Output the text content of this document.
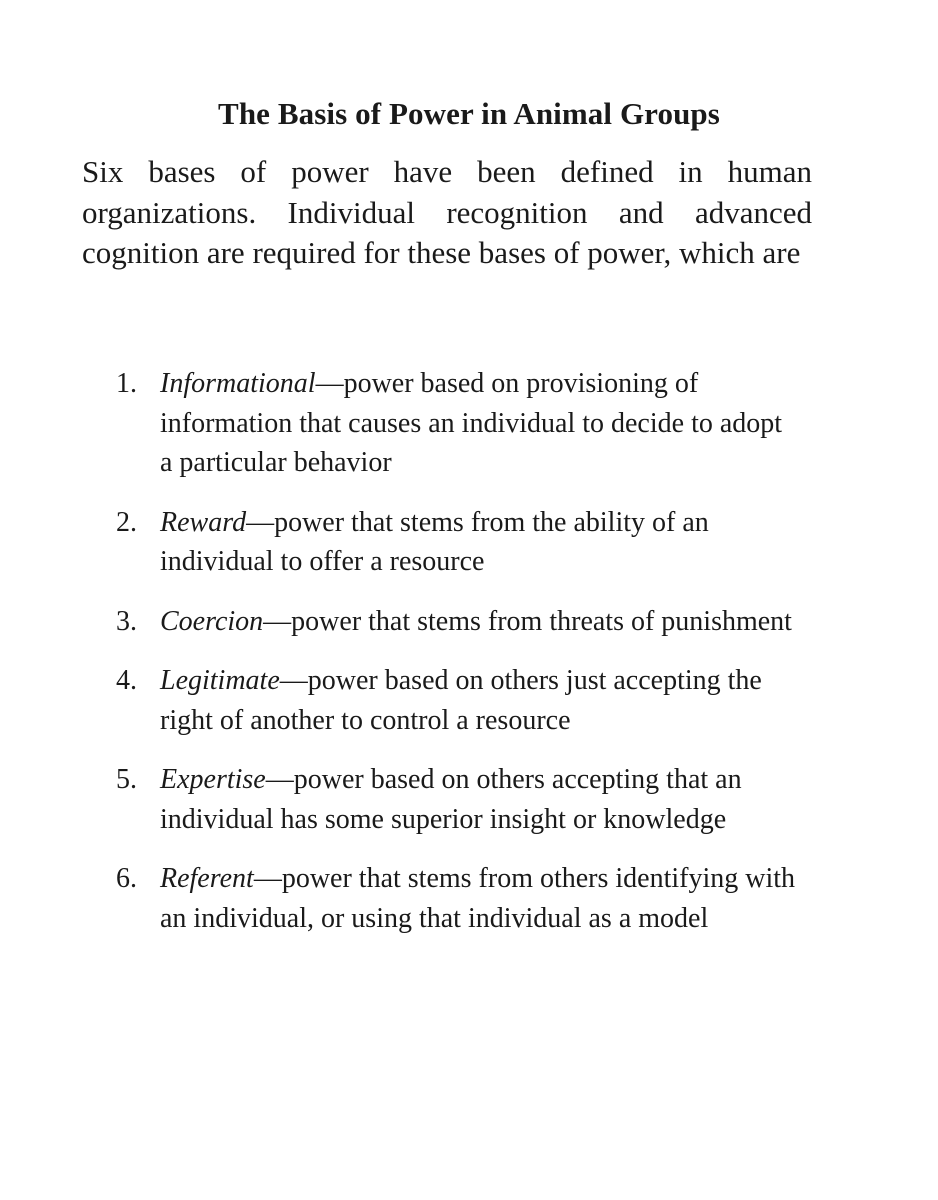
The Basis of Power in Animal Groups

Six bases of power have been defined in human organizations. Individual recognition and advanced cognition are required for these bases of power, which are

1. Informational—power based on provisioning of information that causes an individual to decide to adopt a particular behavior
2. Reward—power that stems from the ability of an individual to offer a resource
3. Coercion—power that stems from threats of punishment
4. Legitimate—power based on others just accepting the right of another to control a resource
5. Expertise—power based on others accepting that an individual has some superior insight or knowledge
6. Referent—power that stems from others identifying with an individual, or using that individual as a model
